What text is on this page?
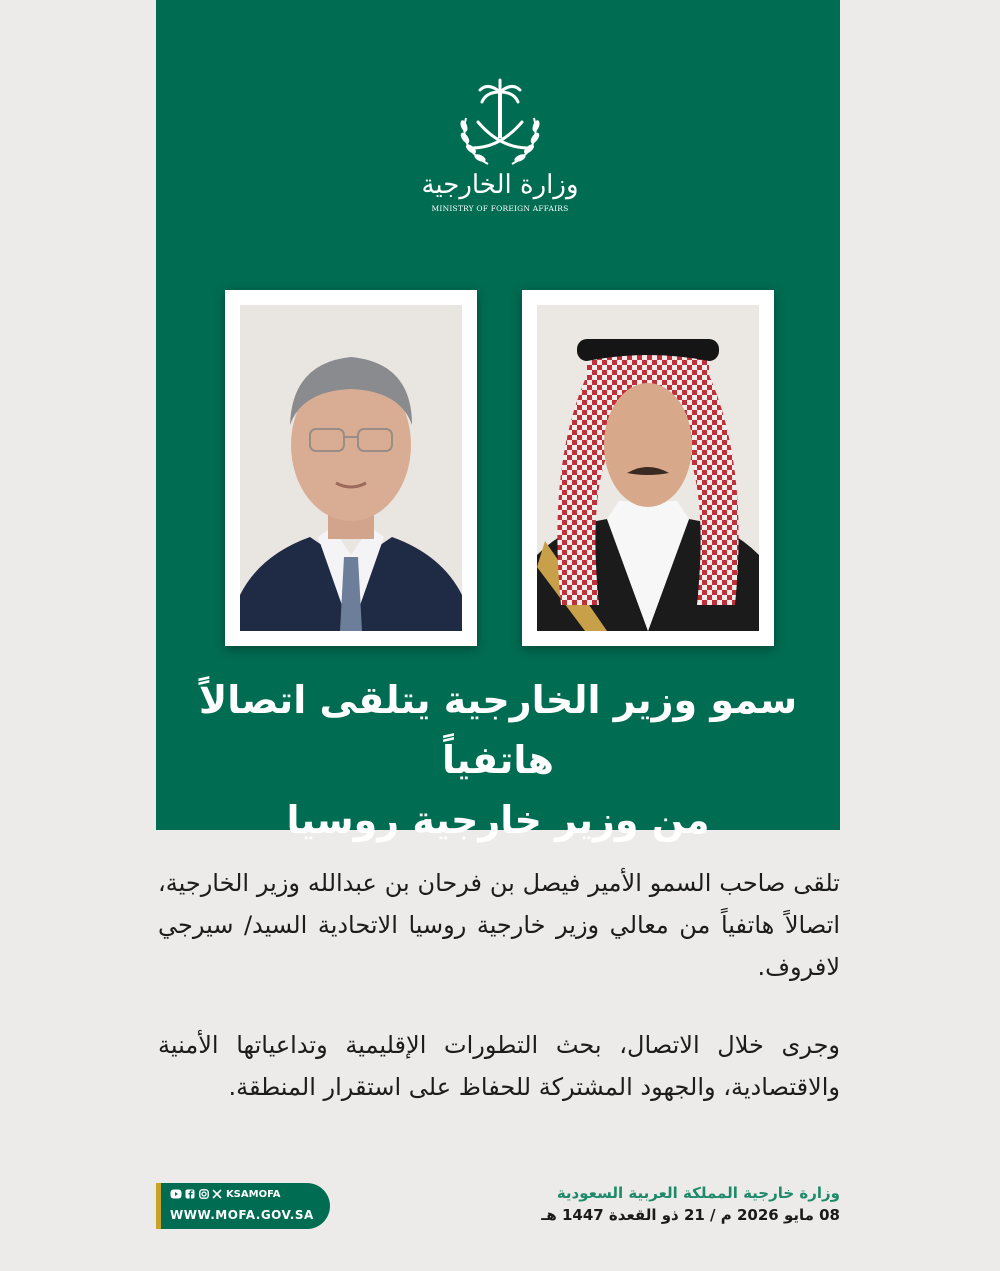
وزارة الخارجية
MINISTRY OF FOREIGN AFFAIRS
سمو وزير الخارجية يتلقى اتصالاً هاتفياً
من وزير خارجية روسيا
تلقى صاحب السمو الأمير فيصل بن فرحان بن عبدالله وزير الخارجية، اتصالاً هاتفياً من معالي وزير خارجية روسيا الاتحادية السيد/ سيرجي لافروف.
وجرى خلال الاتصال، بحث التطورات الإقليمية وتداعياتها الأمنية والاقتصادية، والجهود المشتركة للحفاظ على استقرار المنطقة.
وزارة خارجية المملكة العربية السعودية
08 مايو 2026 م / 21 ذو القعدة 1447 هـ
KSAMOFA
WWW.MOFA.GOV.SA
